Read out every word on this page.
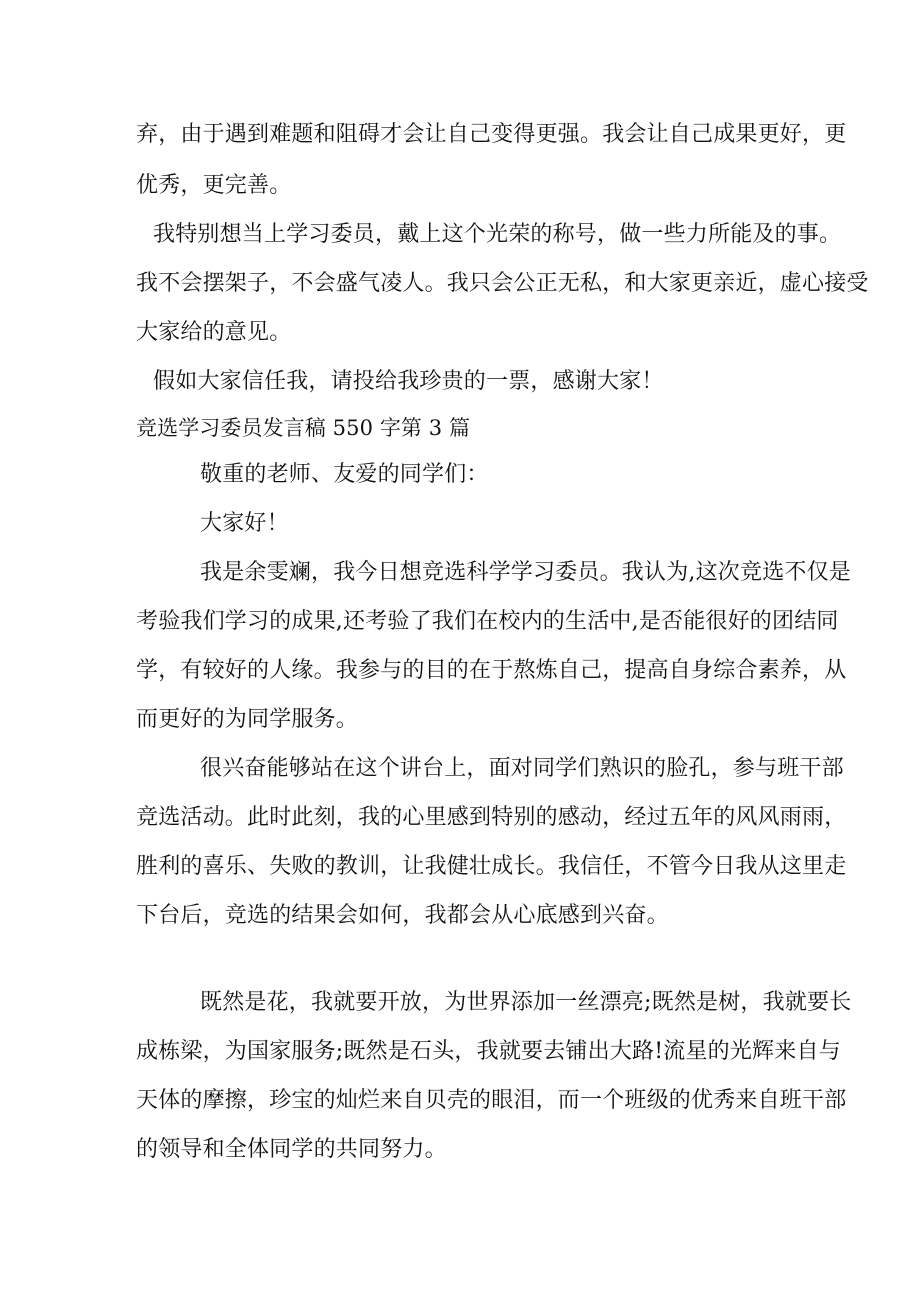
弃，由于遇到难题和阻碍才会让自己变得更强。我会让自己成果更好，更

优秀，更完善。

我特别想当上学习委员，戴上这个光荣的称号，做一些力所能及的事。

我不会摆架子，不会盛气凌人。我只会公正无私，和大家更亲近，虚心接受

大家给的意见。

假如大家信任我，请投给我珍贵的一票，感谢大家！

竞选学习委员发言稿 550 字第 3 篇

敬重的老师、友爱的同学们：

大家好！

我是余雯斓，我今日想竞选科学学习委员。我认为,这次竞选不仅是

考验我们学习的成果,还考验了我们在校内的生活中,是否能很好的团结同

学，有较好的人缘。我参与的目的在于熬炼自己，提高自身综合素养，从

而更好的为同学服务。

很兴奋能够站在这个讲台上，面对同学们熟识的脸孔，参与班干部

竞选活动。此时此刻，我的心里感到特别的感动，经过五年的风风雨雨，

胜利的喜乐、失败的教训，让我健壮成长。我信任，不管今日我从这里走

下台后，竞选的结果会如何，我都会从心底感到兴奋。

既然是花，我就要开放，为世界添加一丝漂亮;既然是树，我就要长

成栋梁，为国家服务;既然是石头，我就要去铺出大路!流星的光辉来自与

天体的摩擦，珍宝的灿烂来自贝壳的眼泪，而一个班级的优秀来自班干部

的领导和全体同学的共同努力。
